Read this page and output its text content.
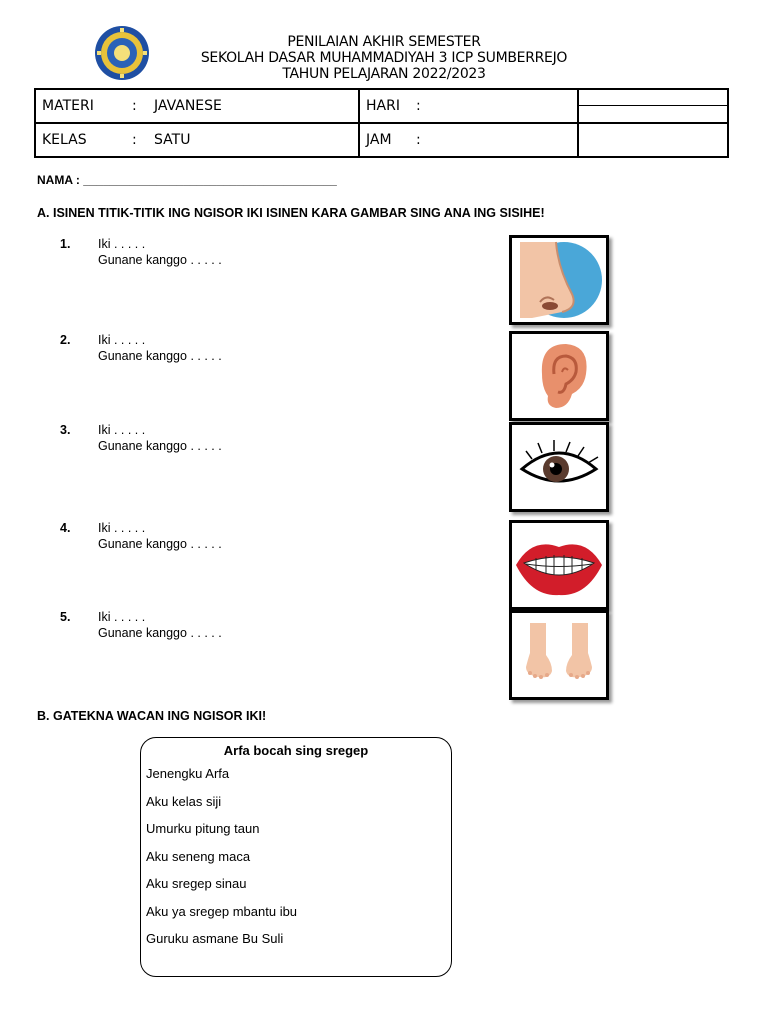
PENILAIAN AKHIR SEMESTER
SEKOLAH DASAR MUHAMMADIYAH 3 ICP SUMBERREJO
TAHUN PELAJARAN 2022/2023
MATERI : JAVANESE	HARI :	

KELAS : SATU	JAM :	
NAMA : ______________________________________
A. ISINEN TITIK-TITIK ING NGISOR IKI ISINEN KARA GAMBAR SING ANA ING SISIHE!
1. Iki . . . . .
Gunane kanggo . . . . .
2. Iki . . . . .
Gunane kanggo . . . . .
3. Iki . . . . .
Gunane kanggo . . . . .
4. Iki . . . . .
Gunane kanggo . . . . .
5. Iki . . . . .
Gunane kanggo . . . . .
B. GATEKNA WACAN ING NGISOR IKI!
Arfa bocah sing sregep
Jenengku Arfa
Aku kelas siji
Umurku pitung taun
Aku seneng maca
Aku sregep sinau
Aku ya sregep mbantu ibu
Guruku asmane Bu Suli
